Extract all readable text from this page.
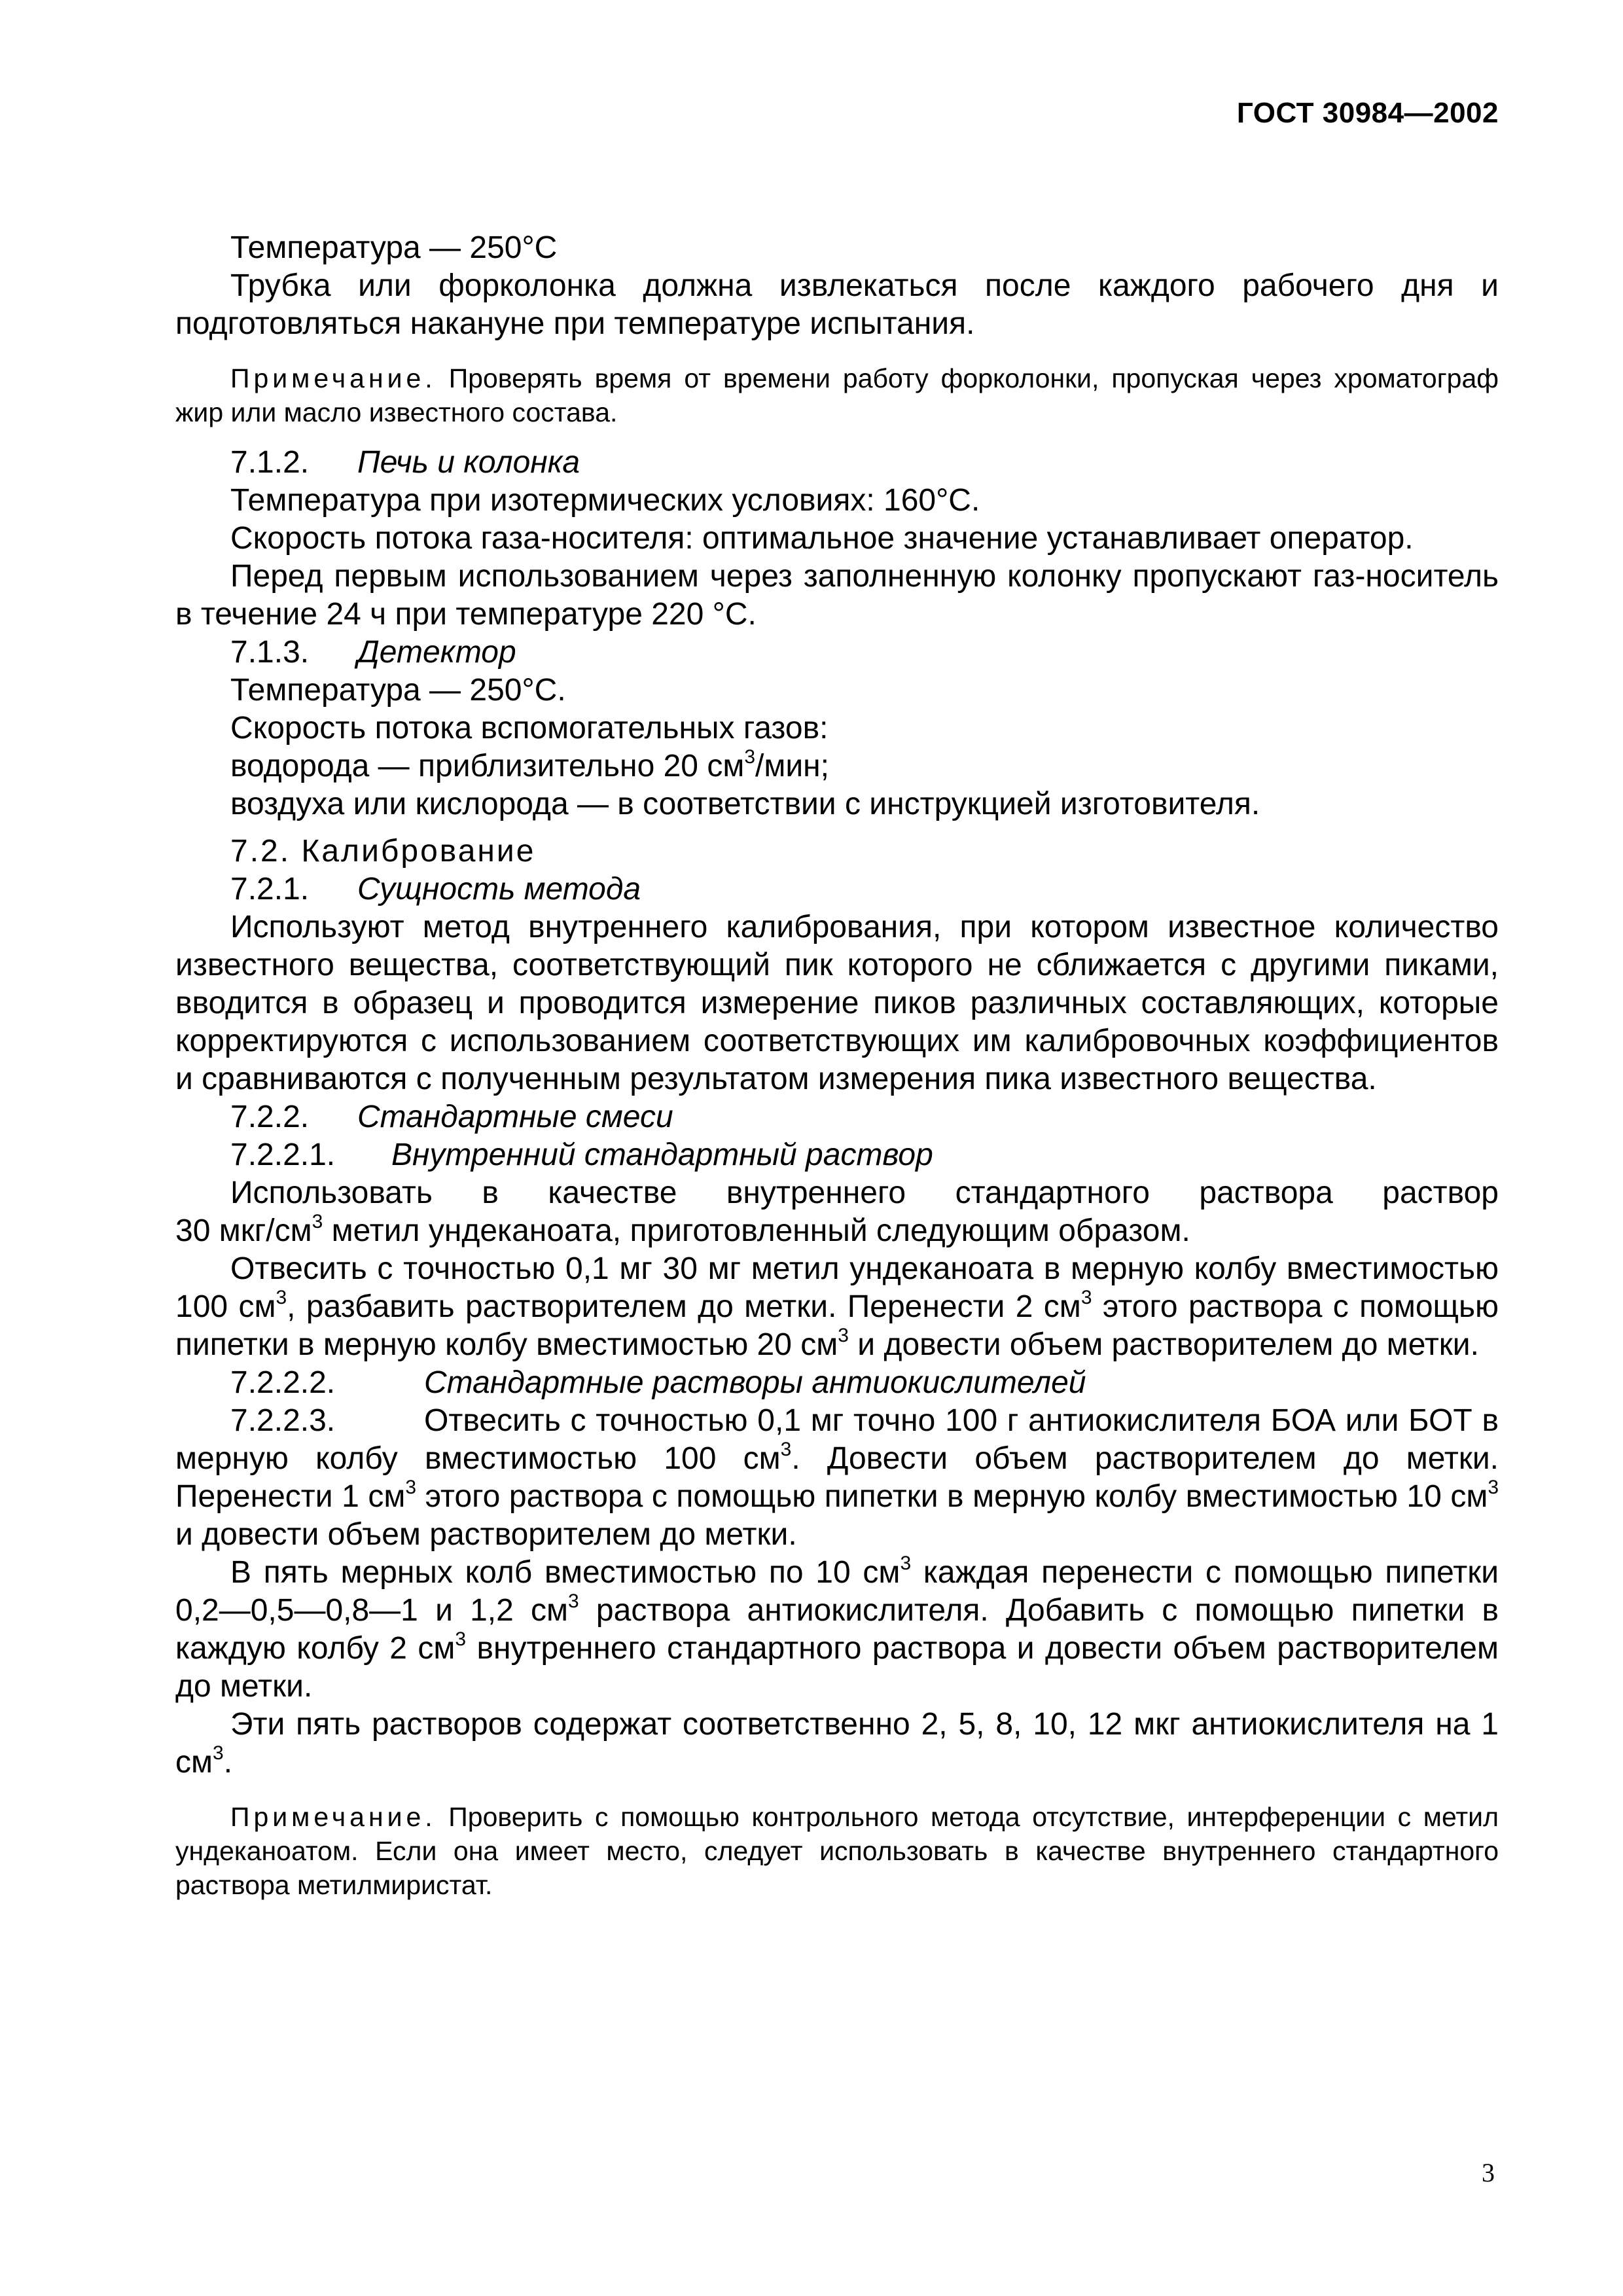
ГОСТ 30984—2002

Температура — 250°С

Трубка или форколонка должна извлекаться после каждого рабочего дня и подготовляться накануне при температуре испытания.

Примечание. Проверять время от времени работу форколонки, пропуская через хроматограф жир или масло известного состава.

7.1.2. Печь и колонка

Температура при изотермических условиях: 160°С.

Скорость потока газа-носителя: оптимальное значение устанавливает оператор.

Перед первым использованием через заполненную колонку пропускают газ-носитель в течение 24 ч при температуре 220 °С.

7.1.3. Детектор

Температура — 250°С.

Скорость потока вспомогательных газов:

водорода — приблизительно 20 $см^3$/мин;

воздуха или кислорода — в соответствии с инструкцией изготовителя.

7.2. Калибрование

7.2.1. Сущность метода

Используют метод внутреннего калибрования, при котором известное количество известного вещества, соответствующий пик которого не сближается с другими пиками, вводится в образец и проводится измерение пиков различных составляющих, которые корректируются с использованием соответствующих им калибровочных коэффициентов и сравниваются с полученным результатом измерения пика известного вещества.

7.2.2. Стандартные смеси

7.2.2.1. Внутренний стандартный раствор

Использовать в качестве внутреннего стандартного раствора раствор

30 мкг/$см^3$ метил ундеканоата, приготовленный следующим образом.

Отвесить с точностью 0,1 мг 30 мг метил ундеканоата в мерную колбу вместимостью 100 $см^3$, разбавить растворителем до метки. Перенести 2 $см^3$ этого раствора с помощью пипетки в мерную колбу вместимостью 20 $см^3$ и довести объем растворителем до метки.

7.2.2.2.	Стандартные растворы антиокислителей

7.2.2.3.	Отвесить с точностью 0,1 мг точно 100 г антиокислителя БОА или БОТ в мерную колбу вместимостью 100 $см^3$. Довести объем растворителем до метки. Перенести 1 $см^3$ этого раствора с помощью пипетки в мерную колбу вместимостью 10 $см^3$ и довести объем растворителем до метки.

В пять мерных колб вместимостью по 10 $см^3$ каждая перенести с помощью пипетки 0,2—0,5—0,8—1 и 1,2 $см^3$ раствора антиокислителя. Добавить с помощью пипетки в каждую колбу 2 $см^3$ внутреннего стандартного раствора и довести объем растворителем до метки.

Эти пять растворов содержат соответственно 2, 5, 8, 10, 12 мкг антиокислителя на 1 $см^3$.

Примечание. Проверить с помощью контрольного метода отсутствие, интерференции с метил ундеканоатом. Если она имеет место, следует использовать в качестве внутреннего стандартного раствора метилмиристат.

3
